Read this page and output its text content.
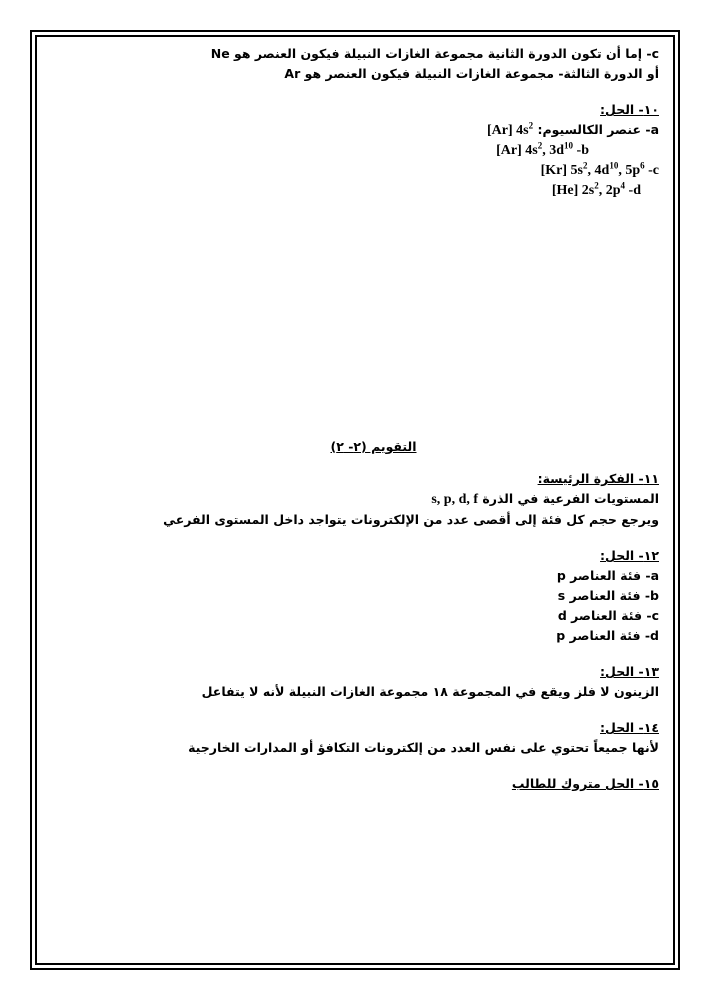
c- إما أن تكون الدورة الثانية مجموعة الغازات النبيلة فيكون العنصر هو Ne

أو الدورة الثالثة- مجموعة الغازات النبيلة فيكون العنصر هو Ar

١٠- الحل:

a- عنصر الكالسيوم: [Ar] $4s^2$

[Ar] $4s^2$, $3d^{10}$ -b

[Kr] $5s^2$, $4d^{10}$, $5p^6$ -c

[He] $2s^2$, $2p^4$ -d

التقويم (٢- ٢)

١١- الفكرة الرئيسة:

المستويات الفرعية في الذرة s, p, d, f

ويرجع حجم كل فئة إلى أقصى عدد من الإلكترونات يتواجد داخل المستوى الفرعي

١٢- الحل:

a- فئة العناصر p

b- فئة العناصر s

c- فئة العناصر d

d- فئة العناصر p

١٣- الحل:

الزينون لا فلز ويقع في المجموعة ١٨ مجموعة الغازات النبيلة لأنه لا يتفاعل

١٤- الحل:

لأنها جميعاً تحتوي على نفس العدد من إلكترونات التكافؤ أو المدارات الخارجية

١٥- الحل متروك للطالب
